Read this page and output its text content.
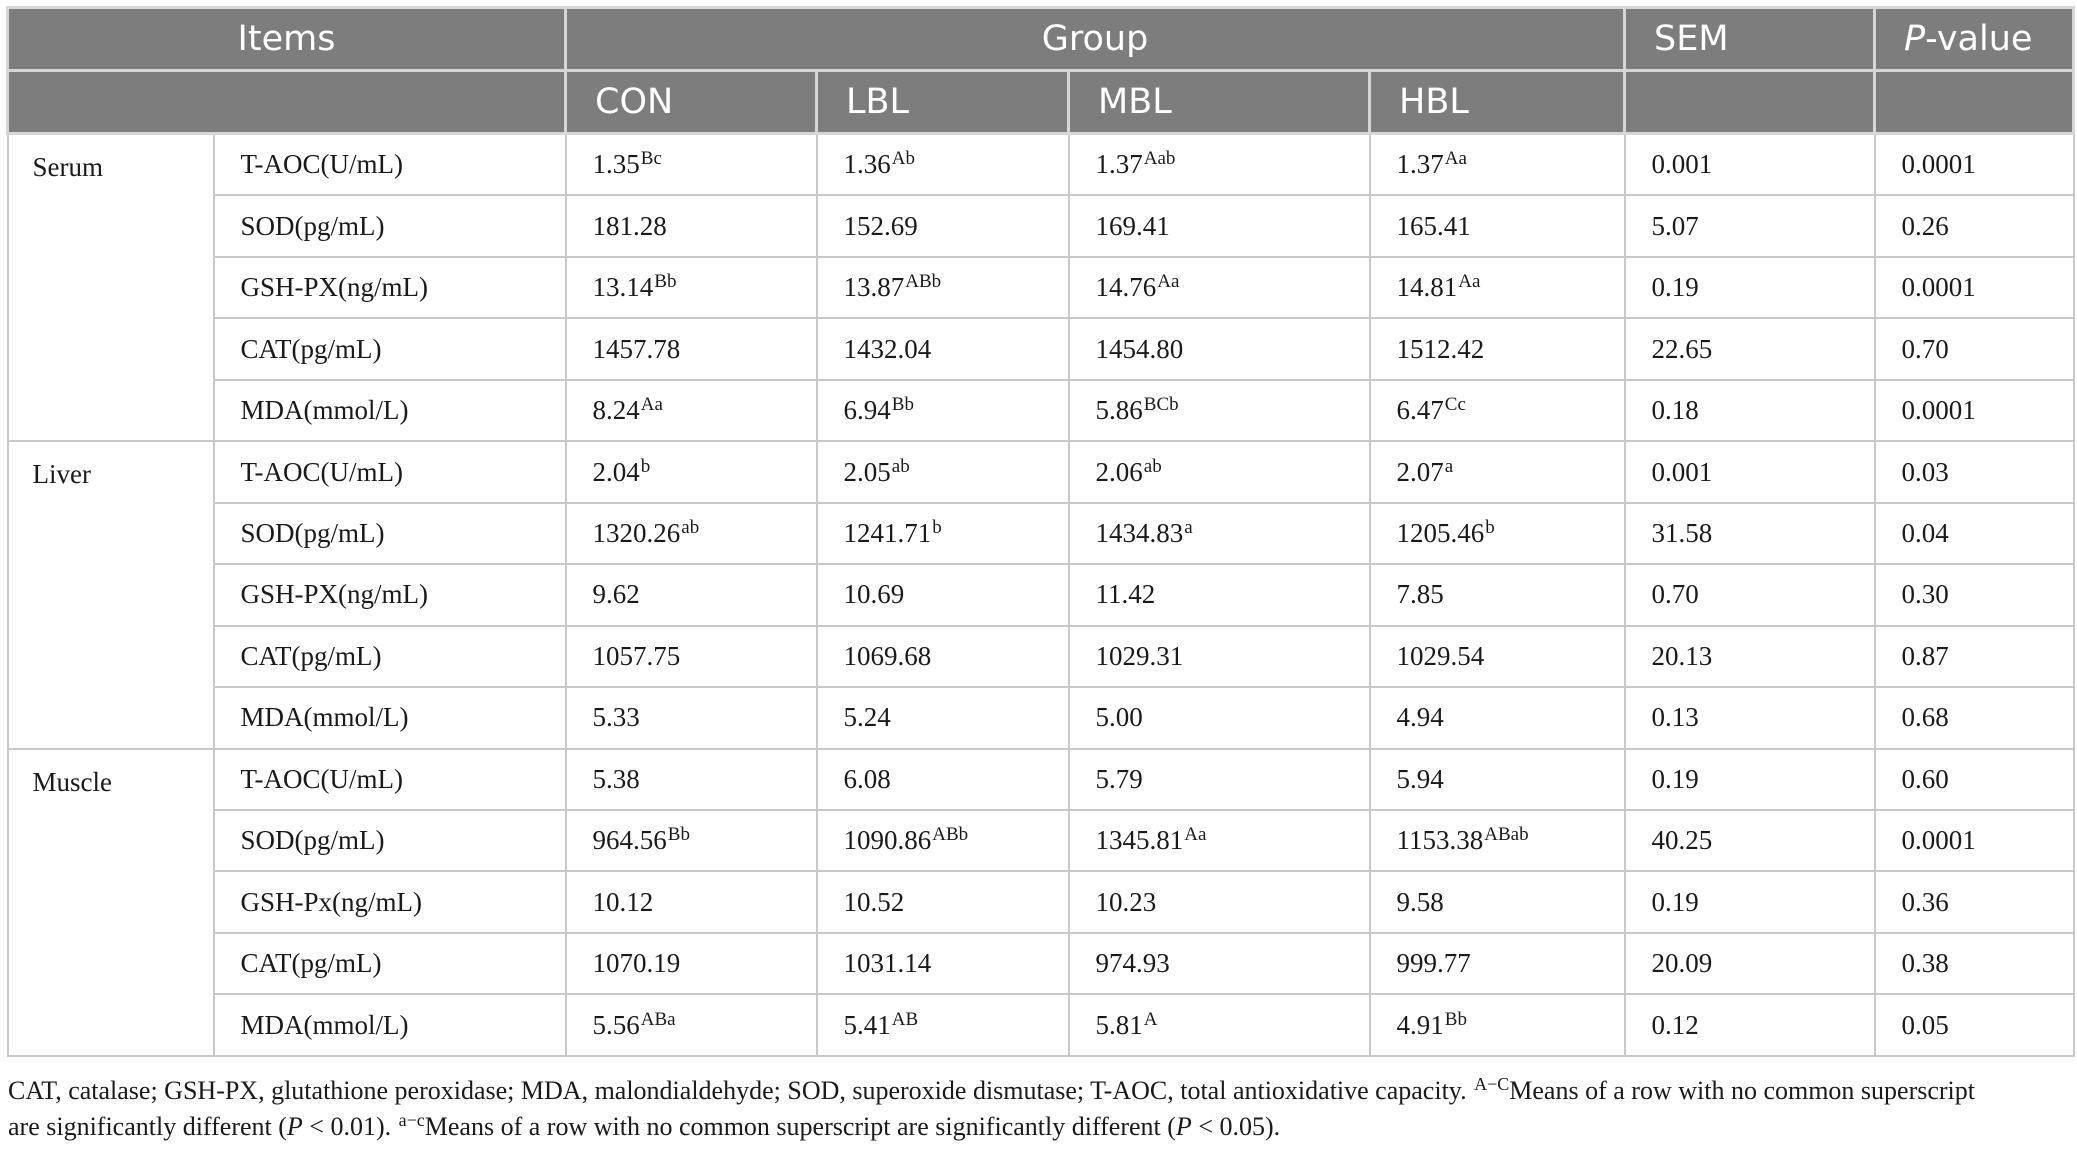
Items		Group				SEM	P-value
		CON	LBL	MBL	HBL		
Serum	T-AOC(U/mL)	$1.35^{Bc}$	$1.36^{Ab}$	$1.37^{Aab}$	$1.37^{Aa}$	0.001	0.0001
	SOD(pg/mL)	181.28	152.69	169.41	165.41	5.07	0.26
	GSH-PX(ng/mL)	$13.14^{Bb}$	$13.87^{ABb}$	$14.76^{Aa}$	$14.81^{Aa}$	0.19	0.0001
	CAT(pg/mL)	1457.78	1432.04	1454.80	1512.42	22.65	0.70
	MDA(mmol/L)	$8.24^{Aa}$	$6.94^{Bb}$	$5.86^{BCb}$	$6.47^{Cc}$	0.18	0.0001
Liver	T-AOC(U/mL)	2.04$^b$	2.05$^{ab}$	2.06$^{ab}$	2.07$^a$	0.001	0.03
	SOD(pg/mL)	1320.26$^{ab}$	1241.71$^b$	1434.83$^a$	1205.46$^b$	31.58	0.04
	GSH-PX(ng/mL)	9.62	10.69	11.42	7.85	0.70	0.30
	CAT(pg/mL)	1057.75	1069.68	1029.31	1029.54	20.13	0.87
	MDA(mmol/L)	5.33	5.24	5.00	4.94	0.13	0.68
Muscle	T-AOC(U/mL)	5.38	6.08	5.79	5.94	0.19	0.60
	SOD(pg/mL)	$964.56^{Bb}$	$1090.86^{ABb}$	$1345.81^{Aa}$	$1153.38^{ABab}$	40.25	0.0001
	GSH-Px(ng/mL)	10.12	10.52	10.23	9.58	0.19	0.36
	CAT(pg/mL)	1070.19	1031.14	974.93	999.77	20.09	0.38
	MDA(mmol/L)	$5.56^{ABa}$	$5.41^{AB}$	$5.81^A$	$4.91^{Bb}$	0.12	0.05
CAT, catalase; GSH-PX, glutathione peroxidase; MDA, malondialdehyde; SOD, superoxide dismutase; T-AOC, total antioxidative capacity. $^{A-C}$Means of a row with no common superscript
are significantly different (P < 0.01). $^{a-c}$Means of a row with no common superscript are significantly different (P < 0.05).
